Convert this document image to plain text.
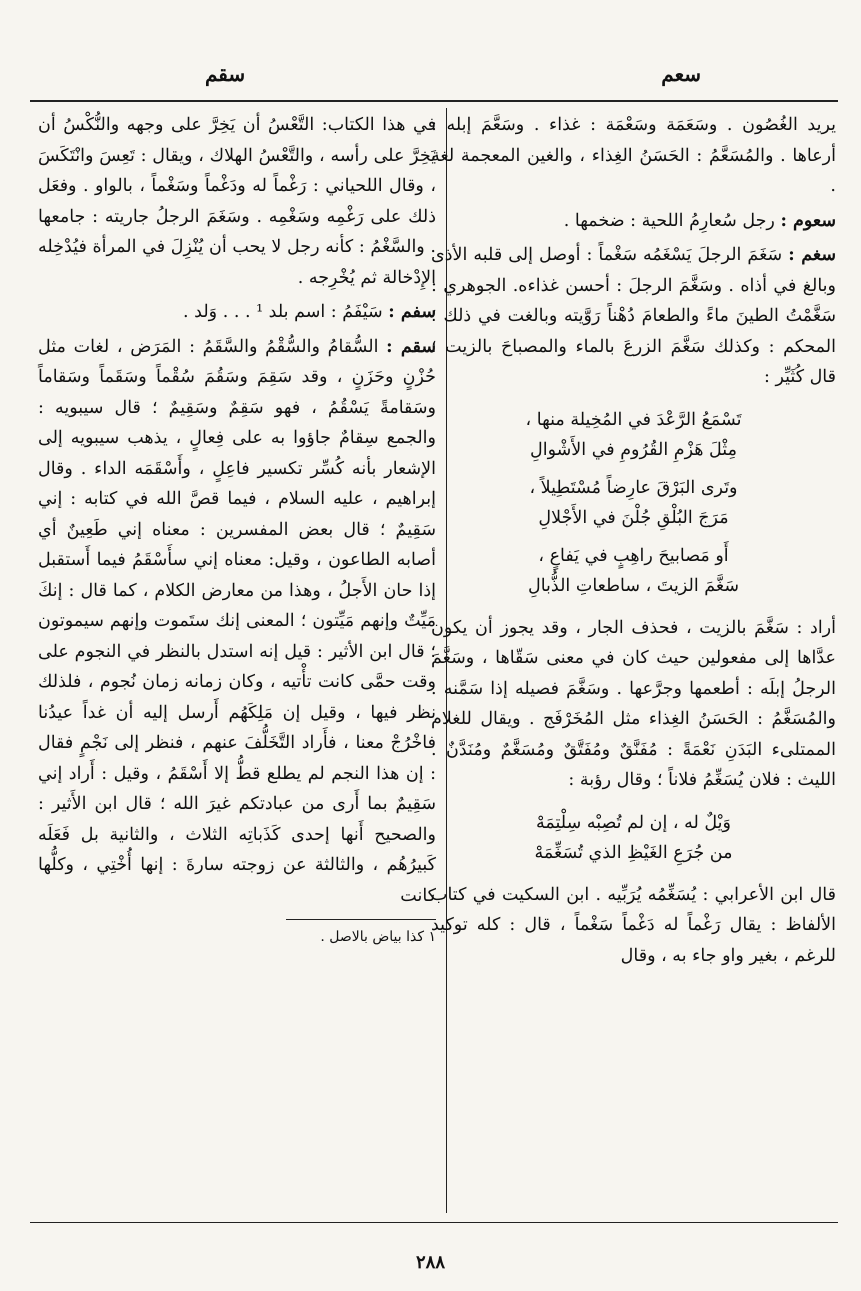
سعم
سقم

يريد الغُصُون . وسَعَمَة وسَعْمَة : غذاء . وسَعَّمَ إبله : أرعاها . والمُسَعَّمُ : الحَسَنُ الغِذاء ، والغين المعجمة لغة .

سعوم : رجل سُعارِمُ اللحية : ضخمها .

سغم : سَغَمَ الرجلَ يَسْغَمُه سَغْماً : أوصل إلى قلبه الأذى وبالغ في أذاه . وسَغَّمَ الرجلَ : أحسن غذاءه. الجوهري : سَغَّمْتُ الطينَ ماءً والطعامَ دُهْناً رَوَّيته وبالغت في ذلك ؛ المحكم : وكذلك سَغَّمَ الزرعَ بالماء والمصباحَ بالزيت ؛ قال كُثَيِّر :

تَسْمَعُ الرَّعْدَ في المُخِيلة منها ،
مِثْلَ هَزْمِ القُرُومِ في الأَشْوالِ
وتَرى البَرْقَ عارِضاً مُسْتَطِيلاً ،
مَرَجَ البُلْقِ جُلْنَ في الأَجْلالِ
أَو مَصابيحَ راهِبٍ في يَفاعٍ ،
سَغَّمَ الزيتَ ، ساطعاتِ الذُّبالِ

أراد : سَغَّمَ بالزيت ، فحذف الجار ، وقد يجوز أن يكون عدَّاها إلى مفعولين حيث كان في معنى سَقّاها ، وسَغَّمَ الرجلُ إبلَه : أطعمها وجرَّعها . وسَغَّمَ فصيله إذا سَمَّنه . والمُسَغَّمُ : الحَسَنُ الغِذاء مثل المُخَرْفَج . ويقال للغلام الممتلىء البَدَنِ نَعْمَةً : مُفَنَّقٌ ومُفَتَّقٌ ومُسَغَّمٌ ومُنَدَّنٌ . الليث : فلان يُسَغِّمُ فلاناً ؛ وقال رؤبة :

وَيْلٌ له ، إن لم تُصِبْه سِلْتِمَهْ
من جُرَعِ الغَيْظِ الذي تُسَغِّمَهْ

قال ابن الأعرابي : يُسَغِّمُه يُرَبِّيه . ابن السكيت في كتاب الألفاظ : يقال رَغْماً له دَغْماً سَغْماً ، قال : كله توكيد للرغم ، بغير واو جاء به ، وقال

في هذا الكتاب: التَّعْسُ أن يَخِرَّ على وجهه والنُّكْسُ أن يَخِرَّ على رأسه ، والتَّعْسُ الهلاك ، ويقال : تَعِسَ وانْتَكَسَ ، وقال اللحياني : رَغْماً له ودَغْماً وسَغْماً ، بالواو . وفعَل ذلك على رَغْمِه وسَغْمِه . وسَغَمَ الرجلُ جاريته : جامعها . والسَّغْمُ : كأنه رجل لا يحب أن يُنْزِلَ في المرأة فيُدْخِله الإِدْخالة ثم يُخْرِجه .

سفم : سَيْفَمُ : اسم بلد ¹ . . . وَلد .

سقم : السُّقامُ والسُّقْمُ والسَّقَمُ : المَرَض ، لغات مثل حُزْنٍ وحَزَنٍ ، وقد سَقِمَ وسَقُمَ سُقْماً وسَقَماً وسَقاماً وسَقامةً يَسْقُمُ ، فهو سَقِمٌ وسَقِيمٌ ؛ قال سيبويه : والجمع سِقامٌ جاؤوا به على فِعالٍ ، يذهب سيبويه إلى الإشعار بأنه كُسِّر تكسير فاعِلٍ ، وأَسْقَمَه الداء . وقال إبراهيم ، عليه السلام ، فيما قصَّ الله في كتابه : إني سَقِيمٌ ؛ قال بعض المفسرين : معناه إني طَعِينٌ أي أصابه الطاعون ، وقيل: معناه إني سأَسْقَمُ فيما أَستقبل إذا حان الأَجلُ ، وهذا من معارض الكلام ، كما قال : إنكَ مَيِّتٌ وإنهم مَيِّتون ؛ المعنى إنك ستَموت وإنهم سيموتون ؛ قال ابن الأثير : قيل إنه استدل بالنظر في النجوم على وقت حمَّى كانت تأْتيه ، وكان زمانه زمان نُجوم ، فلذلك نظر فيها ، وقيل إن مَلِكَهُم أَرسل إليه أن غداً عيدُنا فاخْرُجْ معنا ، فأَراد التَّخَلُّفَ عنهم ، فنظر إلى نَجْمٍ فقال : إن هذا النجم لم يطلع قطُّ إلا أَسْقَمُ ، وقيل : أَراد إني سَقِيمٌ بما أَرى من عبادتكم غيرَ الله ؛ قال ابن الأَثير : والصحيح أَنها إحدى كَذَباتِه الثلاث ، والثانية بل فَعَلَه كَبيرُهُم ، والثالثة عن زوجته سارةَ : إنها أُخْتِي ، وكلُّها كانت

١ كذا بياض بالاصل .
٢٨٨
